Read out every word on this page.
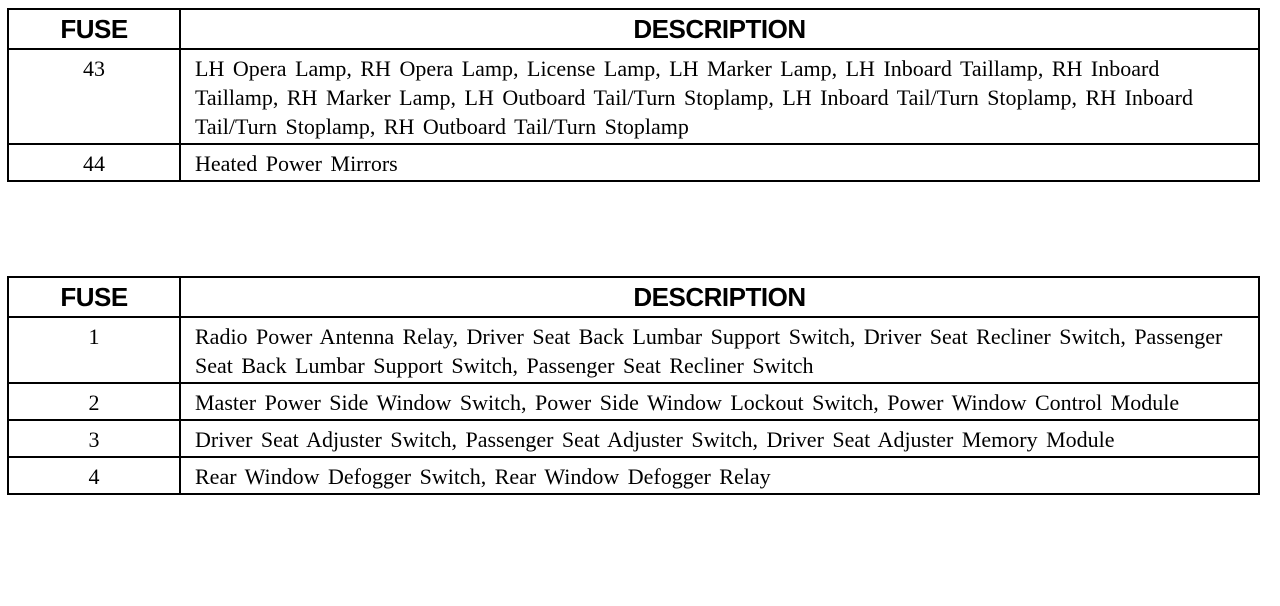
FUSE	DESCRIPTION
43	LH Opera Lamp, RH Opera Lamp, License Lamp, LH Marker Lamp, LH Inboard Taillamp, RH Inboard Taillamp, RH Marker Lamp, LH Outboard Tail/Turn Stoplamp, LH Inboard Tail/Turn Stoplamp, RH Inboard Tail/Turn Stoplamp, RH Outboard Tail/Turn Stoplamp
44	Heated Power Mirrors
FUSE	DESCRIPTION
1	Radio Power Antenna Relay, Driver Seat Back Lumbar Support Switch, Driver Seat Recliner Switch, Passenger Seat Back Lumbar Support Switch, Passenger Seat Recliner Switch
2	Master Power Side Window Switch, Power Side Window Lockout Switch, Power Window Control Module
3	Driver Seat Adjuster Switch, Passenger Seat Adjuster Switch, Driver Seat Adjuster Memory Module
4	Rear Window Defogger Switch, Rear Window Defogger Relay
